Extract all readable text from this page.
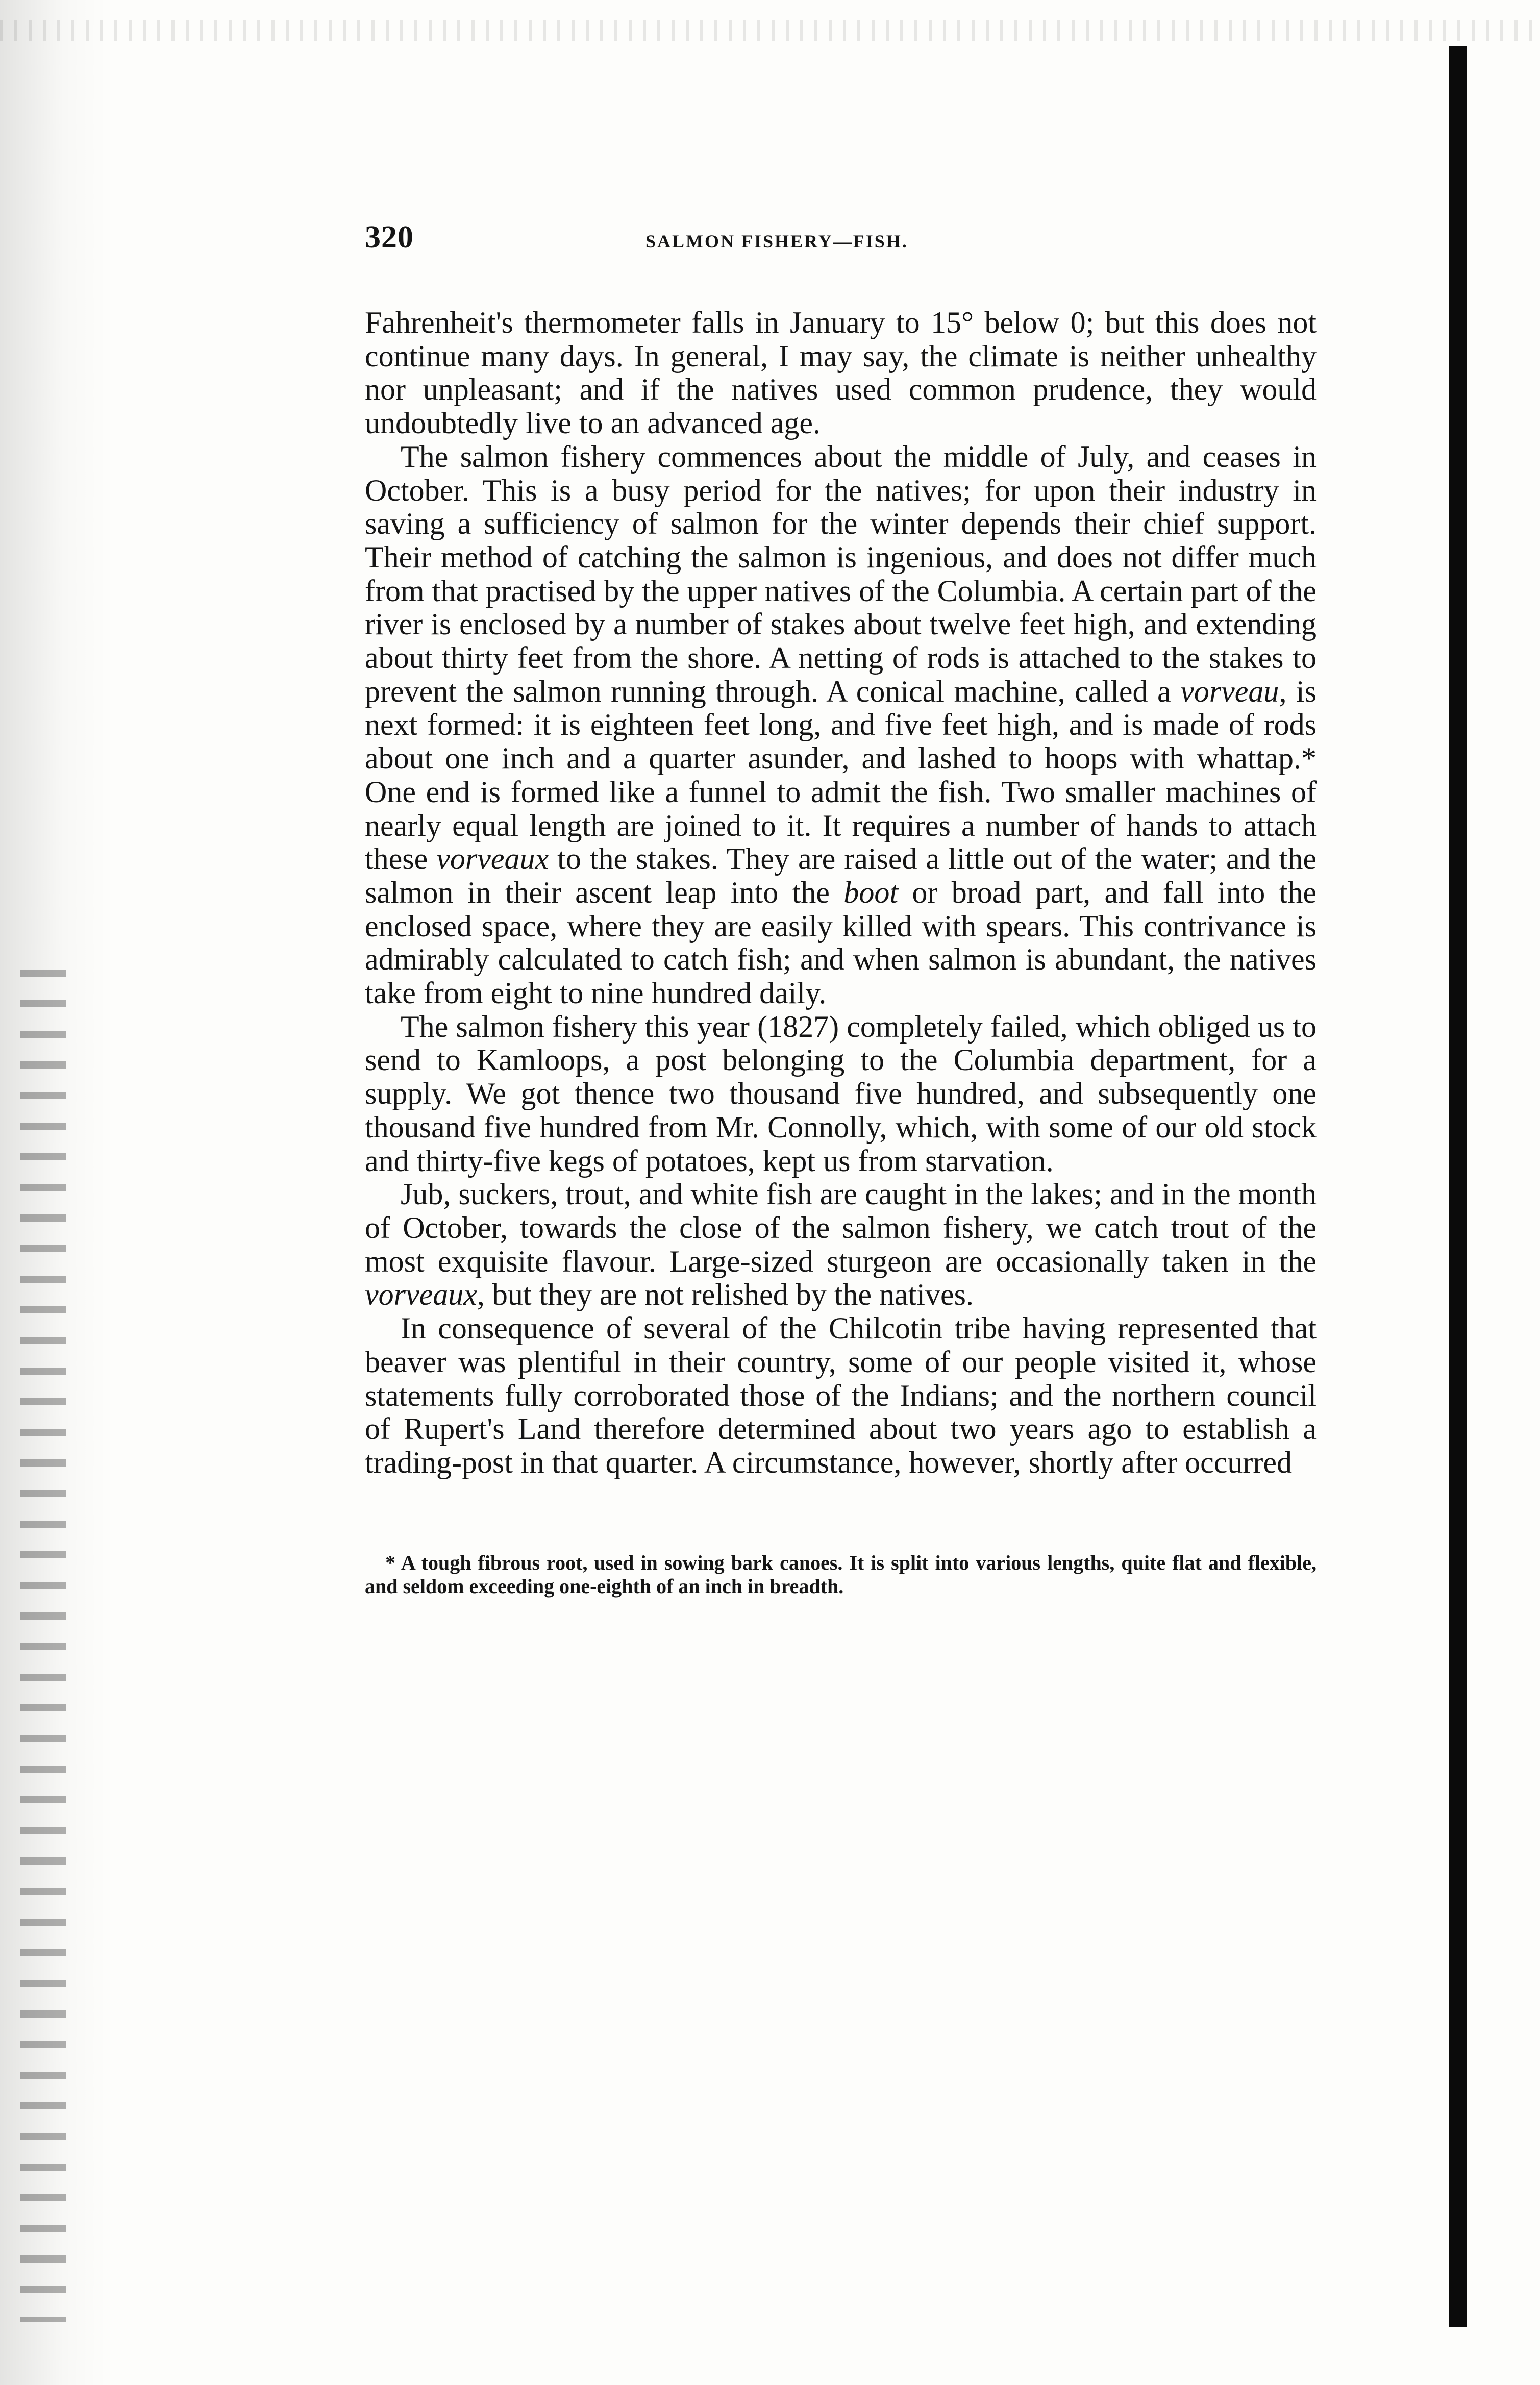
320	SALMON FISHERY—FISH.

Fahrenheit's thermometer falls in January to 15° below 0; but this does not continue many days. In general, I may say, the climate is neither unhealthy nor unpleasant; and if the natives used common prudence, they would undoubtedly live to an advanced age.

The salmon fishery commences about the middle of July, and ceases in October. This is a busy period for the natives; for upon their industry in saving a sufficiency of salmon for the winter depends their chief support. Their method of catching the salmon is ingenious, and does not differ much from that practised by the upper natives of the Columbia. A certain part of the river is enclosed by a number of stakes about twelve feet high, and extending about thirty feet from the shore. A netting of rods is attached to the stakes to prevent the salmon running through. A conical machine, called a vorveau, is next formed: it is eighteen feet long, and five feet high, and is made of rods about one inch and a quarter asunder, and lashed to hoops with whattap.* One end is formed like a funnel to admit the fish. Two smaller machines of nearly equal length are joined to it. It requires a number of hands to attach these vorveaux to the stakes. They are raised a little out of the water; and the salmon in their ascent leap into the boot or broad part, and fall into the enclosed space, where they are easily killed with spears. This contrivance is admirably calculated to catch fish; and when salmon is abundant, the natives take from eight to nine hundred daily.

The salmon fishery this year (1827) completely failed, which obliged us to send to Kamloops, a post belonging to the Columbia department, for a supply. We got thence two thousand five hundred, and subsequently one thousand five hundred from Mr. Connolly, which, with some of our old stock and thirty-five kegs of potatoes, kept us from starvation.

Jub, suckers, trout, and white fish are caught in the lakes; and in the month of October, towards the close of the salmon fishery, we catch trout of the most exquisite flavour. Large-sized sturgeon are occasionally taken in the vorveaux, but they are not relished by the natives.

In consequence of several of the Chilcotin tribe having represented that beaver was plentiful in their country, some of our people visited it, whose statements fully corroborated those of the Indians; and the northern council of Rupert's Land therefore determined about two years ago to establish a trading-post in that quarter. A circumstance, however, shortly after occurred

* A tough fibrous root, used in sowing bark canoes. It is split into various lengths, quite flat and flexible, and seldom exceeding one-eighth of an inch in breadth.
